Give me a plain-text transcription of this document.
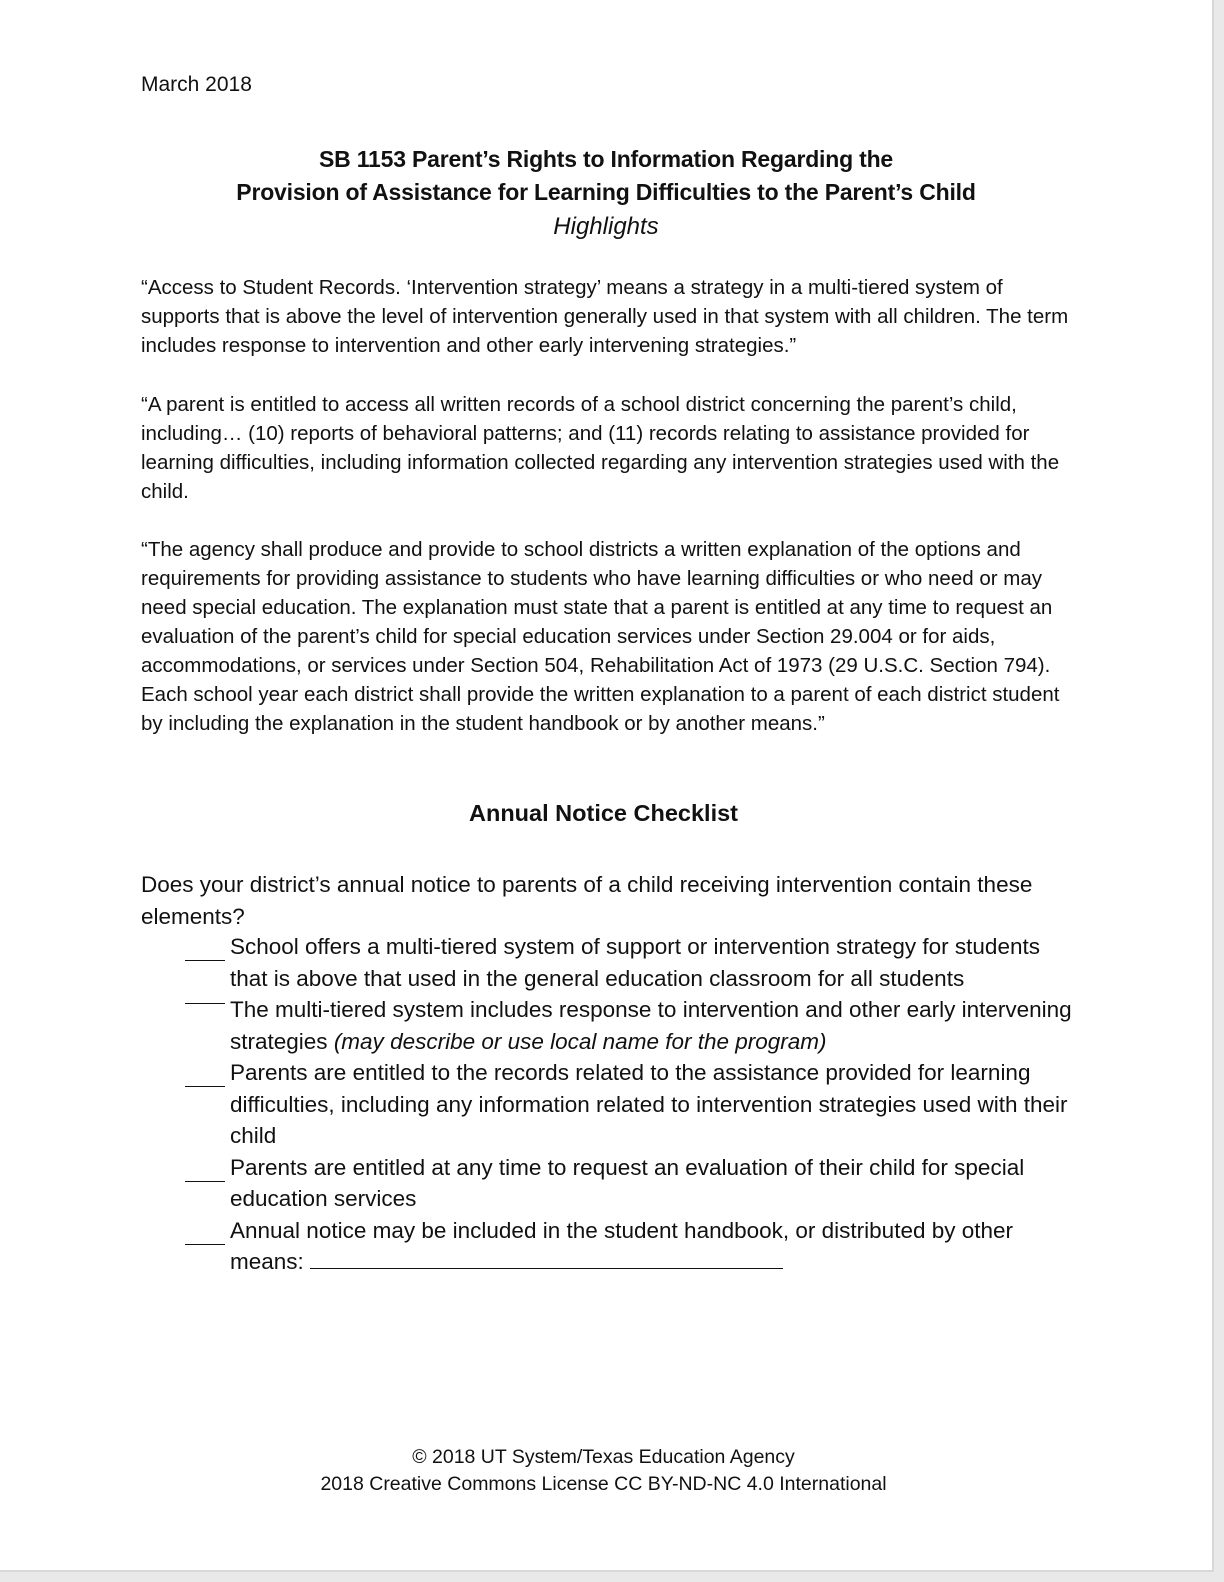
March 2018
SB 1153 Parent’s Rights to Information Regarding the
Provision of Assistance for Learning Difficulties to the Parent’s Child
Highlights

“Access to Student Records. ‘Intervention strategy’ means a strategy in a multi-tiered system of supports that is above the level of intervention generally used in that system with all children. The term includes response to intervention and other early intervening strategies.”

“A parent is entitled to access all written records of a school district concerning the parent’s child, including… (10) reports of behavioral patterns; and (11) records relating to assistance provided for learning difficulties, including information collected regarding any intervention strategies used with the child.

“The agency shall produce and provide to school districts a written explanation of the options and requirements for providing assistance to students who have learning difficulties or who need or may need special education. The explanation must state that a parent is entitled at any time to request an evaluation of the parent’s child for special education services under Section 29.004 or for aids, accommodations, or services under Section 504, Rehabilitation Act of 1973 (29 U.S.C. Section 794). Each school year each district shall provide the written explanation to a parent of each district student by including the explanation in the student handbook or by another means.”

Annual Notice Checklist
Does your district’s annual notice to parents of a child receiving intervention contain these elements?
School offers a multi-tiered system of support or intervention strategy for students that is above that used in the general education classroom for all students
The multi-tiered system includes response to intervention and other early intervening strategies (may describe or use local name for the program)
Parents are entitled to the records related to the assistance provided for learning difficulties, including any information related to intervention strategies used with their child
Parents are entitled at any time to request an evaluation of their child for special education services
Annual notice may be included in the student handbook, or distributed by other means:
© 2018 UT System/Texas Education Agency
2018 Creative Commons License CC BY-ND-NC 4.0 International
